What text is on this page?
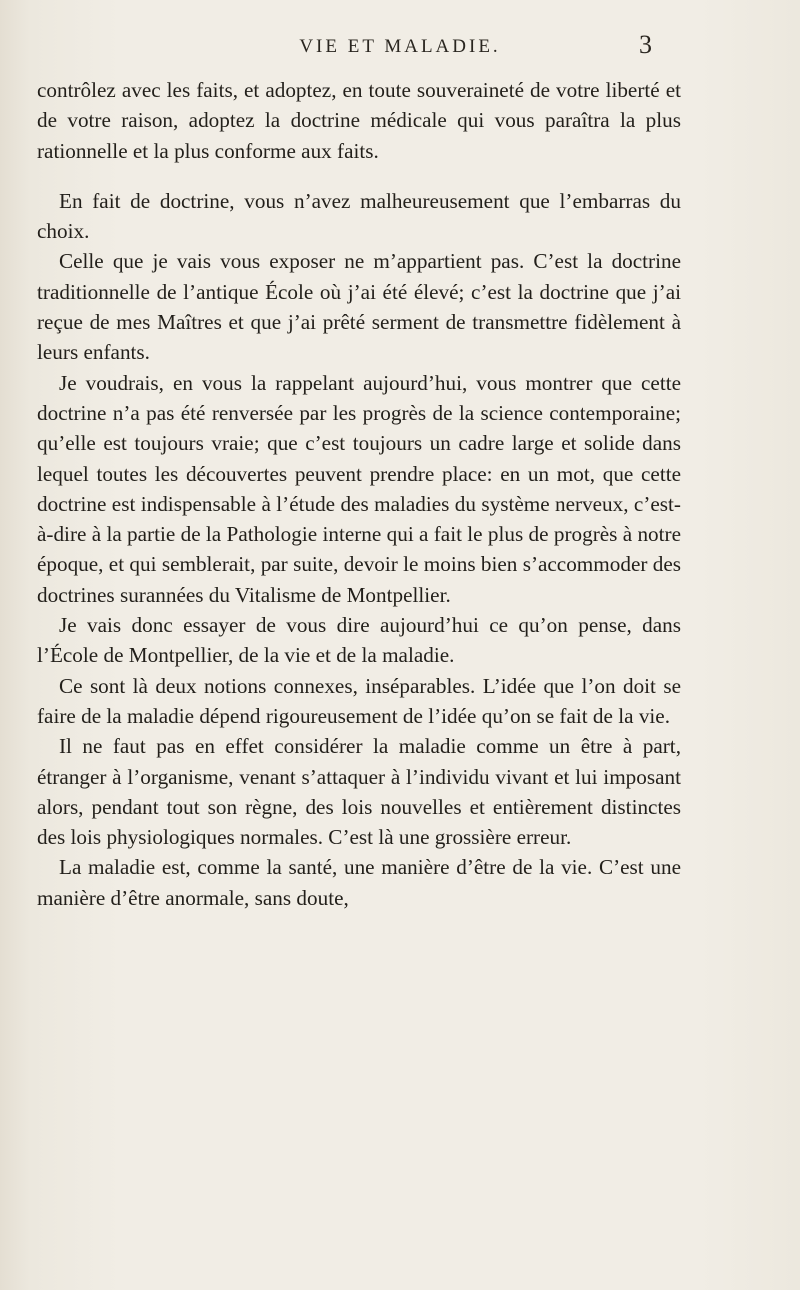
VIE ET MALADIE.	3

contrôlez avec les faits, et adoptez, en toute souveraineté de votre liberté et de votre raison, adoptez la doctrine médicale qui vous paraîtra la plus rationnelle et la plus conforme aux faits.

En fait de doctrine, vous n’avez malheureusement que l’embarras du choix.

Celle que je vais vous exposer ne m’appartient pas. C’est la doctrine traditionnelle de l’antique École où j’ai été élevé; c’est la doctrine que j’ai reçue de mes Maîtres et que j’ai prêté serment de transmettre fidèlement à leurs enfants.

Je voudrais, en vous la rappelant aujourd’hui, vous montrer que cette doctrine n’a pas été renversée par les progrès de la science contemporaine; qu’elle est toujours vraie; que c’est toujours un cadre large et solide dans lequel toutes les découvertes peuvent prendre place: en un mot, que cette doctrine est indispensable à l’étude des maladies du système nerveux, c’est-à-dire à la partie de la Pathologie interne qui a fait le plus de progrès à notre époque, et qui semblerait, par suite, devoir le moins bien s’accommoder des doctrines surannées du Vitalisme de Montpellier.

Je vais donc essayer de vous dire aujourd’hui ce qu’on pense, dans l’École de Montpellier, de la vie et de la maladie.

Ce sont là deux notions connexes, inséparables. L’idée que l’on doit se faire de la maladie dépend rigoureusement de l’idée qu’on se fait de la vie.

Il ne faut pas en effet considérer la maladie comme un être à part, étranger à l’organisme, venant s’attaquer à l’individu vivant et lui imposant alors, pendant tout son règne, des lois nouvelles et entièrement distinctes des lois physiologiques normales. C’est là une grossière erreur.

La maladie est, comme la santé, une manière d’être de la vie. C’est une manière d’être anormale, sans doute,
